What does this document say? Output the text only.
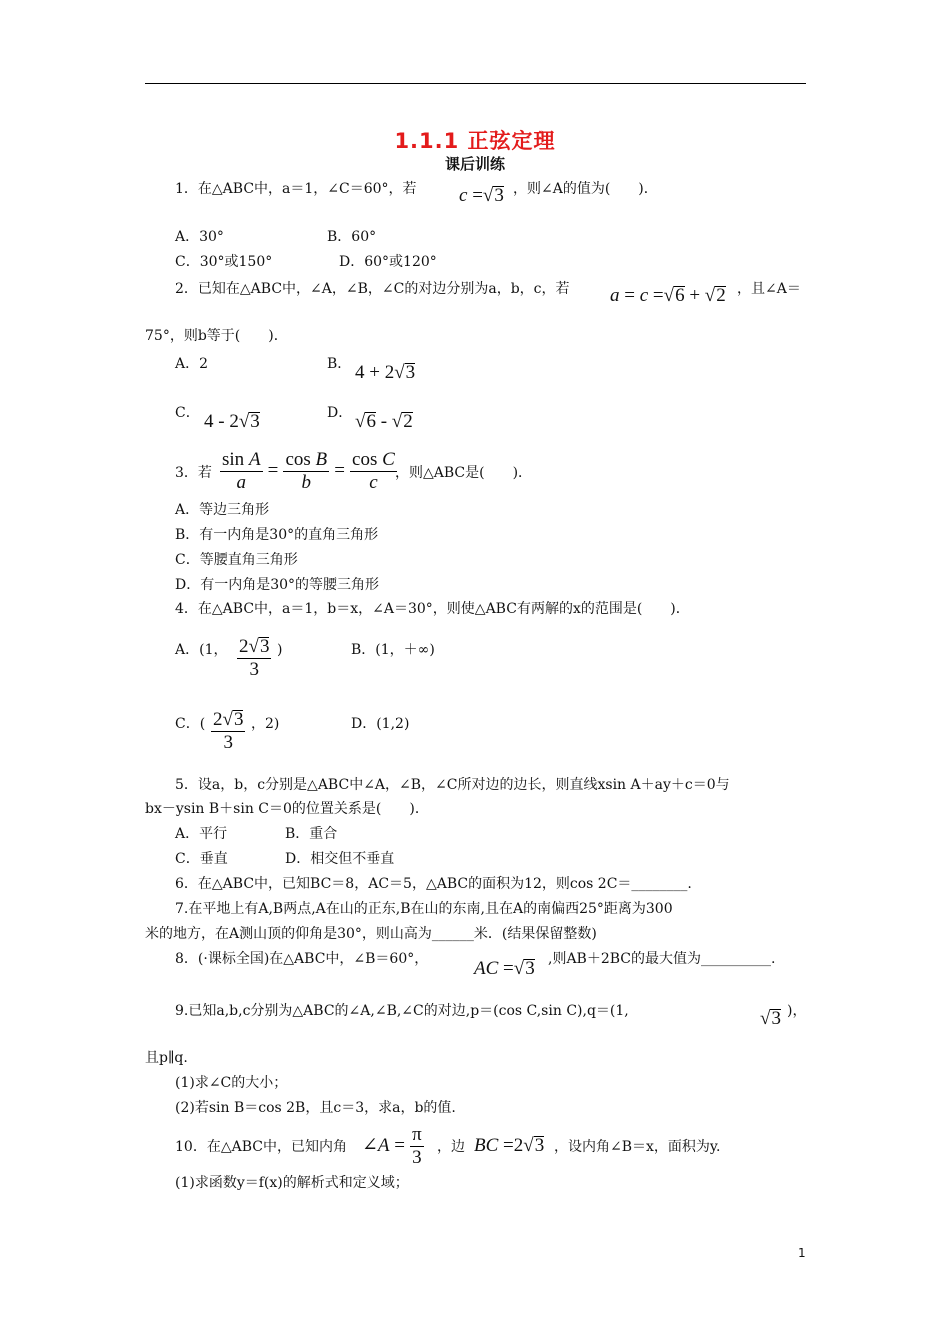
1.1.1 正弦定理
课后训练
1．在△ABC中，a＝1，∠C＝60°，若 c =√3 ，则∠A的值为(　　)．
A．30°	B．60°
C．30°或150°	D．60°或120°
2．已知在△ABC中，∠A，∠B，∠C的对边分别为a，b，c，若 a = c =√6 + √2 ，且∠A＝
75°，则b等于(　　)．
A．2	B． 4 + 2√3
C． 4 - 2√3	D． √6 - √2
3．若 $\frac{\text{sin A}}{a} = \frac{\text{cos B}}{b} = \frac{\text{cos C}}{c}$
，则△ABC是(　　)．
A．等边三角形
B．有一内角是30°的直角三角形
C．等腰直角三角形
D．有一内角是30°的等腰三角形
4．在△ABC中，a＝1，b＝x，∠A＝30°，则使△ABC有两解的x的范围是(　　)．
A．(1， $\frac{2√3}{3}$ )	B．(1，＋∞)
C．( $\frac{2√3}{3}$ ，2)	D．(1,2)
5．设a，b，c分别是△ABC中∠A，∠B，∠C所对边的边长，则直线xsin A＋ay＋c＝0与
bx－ysin B＋sin C＝0的位置关系是(　　)．
A．平行	B．重合
C．垂直	D．相交但不垂直
6．在△ABC中，已知BC＝8，AC＝5，△ABC的面积为12，则cos 2C＝________.
7.在平地上有A,B两点,A在山的正东,B在山的东南,且在A的南偏西25°距离为300
米的地方，在A测山顶的仰角是30°，则山高为______米．(结果保留整数)
8．(·课标全国)在△ABC中，∠B＝60°， AC =√3 ,则AB＋2BC的最大值为__________.
9.已知a,b,c分别为△ABC的∠A,∠B,∠C的对边,p＝(cos C,sin C),q＝(1,	√3 )，
且p∥q.
(1)求∠C的大小；
(2)若sin B＝cos 2B，且c＝3，求a，b的值.
10．在△ABC中，已知内角 ∠A = $\frac{\pi}{3}$ ，边 BC =2√3 ，设内角∠B＝x，面积为y.
(1)求函数y＝f(x)的解析式和定义域；
1
